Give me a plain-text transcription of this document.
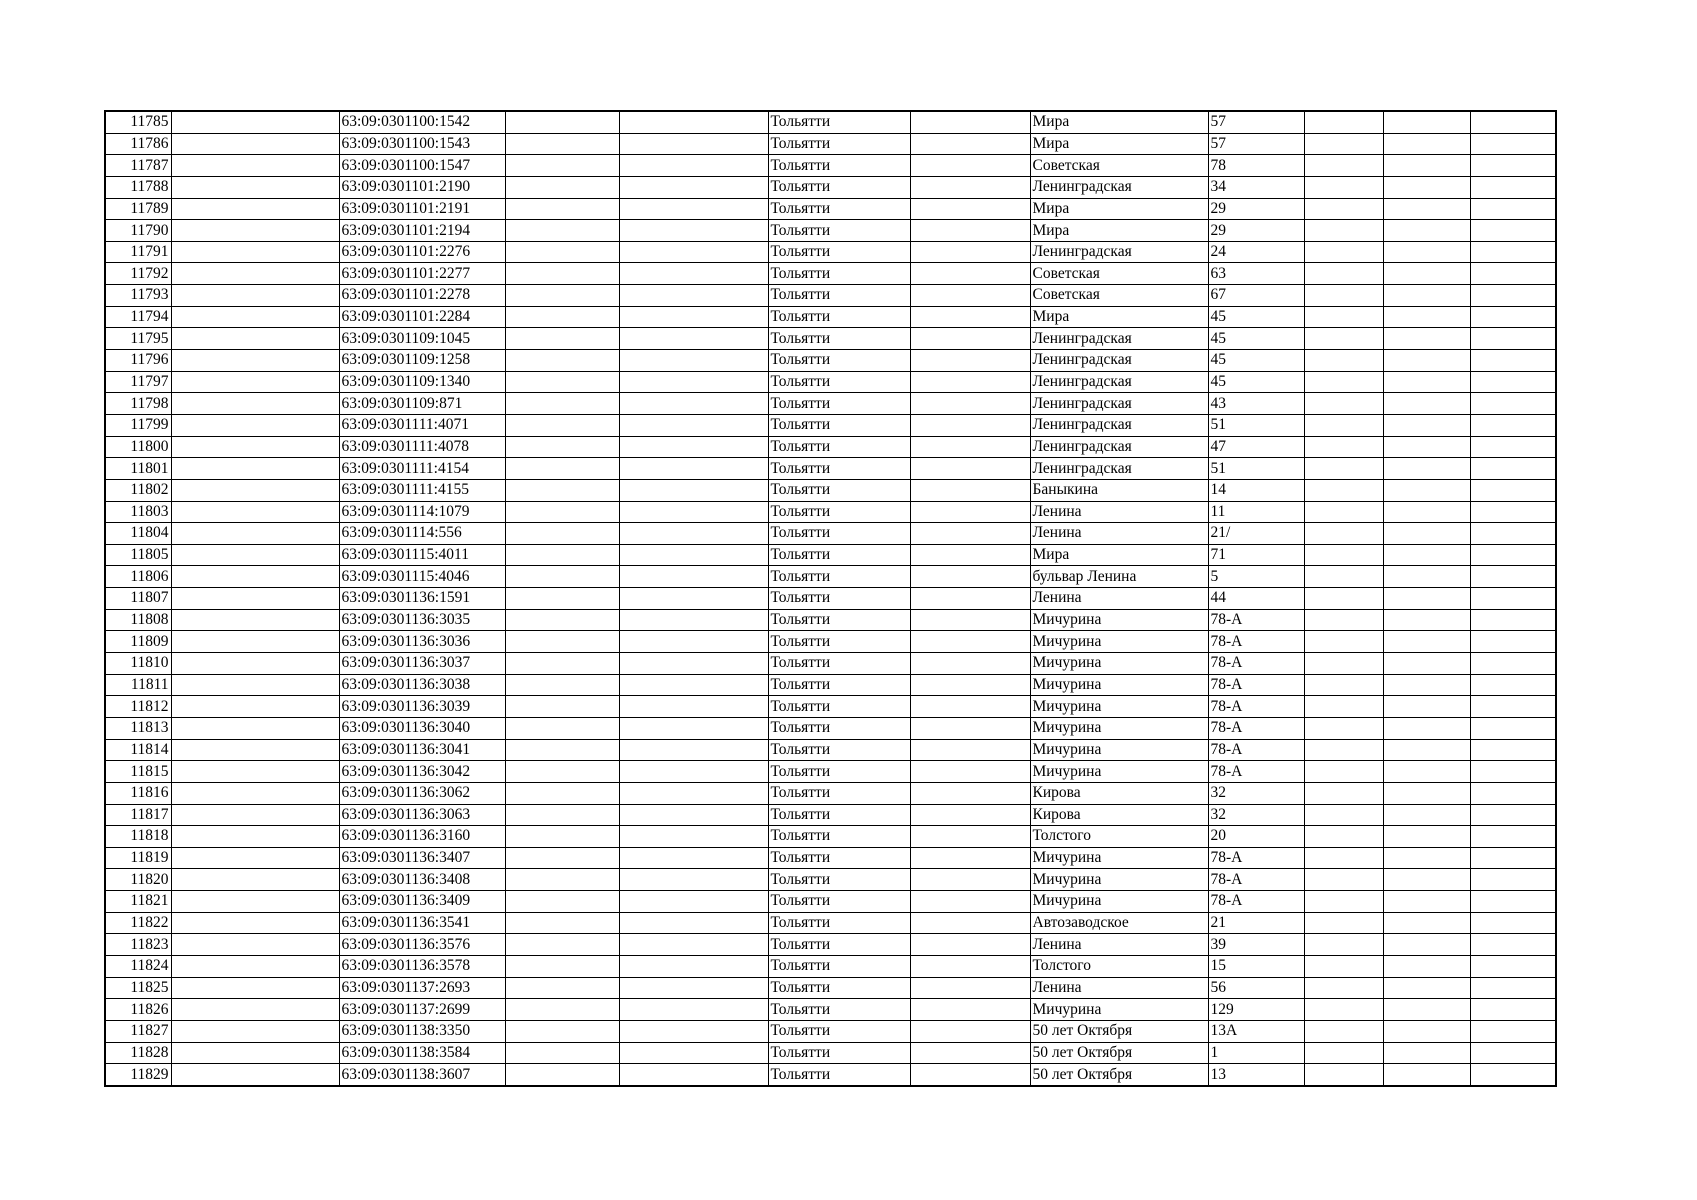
11785		63:09:0301100:1542			Тольятти		Мира	57			
11786		63:09:0301100:1543			Тольятти		Мира	57			
11787		63:09:0301100:1547			Тольятти		Советская	78			
11788		63:09:0301101:2190			Тольятти		Ленинградская	34			
11789		63:09:0301101:2191			Тольятти		Мира	29			
11790		63:09:0301101:2194			Тольятти		Мира	29			
11791		63:09:0301101:2276			Тольятти		Ленинградская	24			
11792		63:09:0301101:2277			Тольятти		Советская	63			
11793		63:09:0301101:2278			Тольятти		Советская	67			
11794		63:09:0301101:2284			Тольятти		Мира	45			
11795		63:09:0301109:1045			Тольятти		Ленинградская	45			
11796		63:09:0301109:1258			Тольятти		Ленинградская	45			
11797		63:09:0301109:1340			Тольятти		Ленинградская	45			
11798		63:09:0301109:871			Тольятти		Ленинградская	43			
11799		63:09:0301111:4071			Тольятти		Ленинградская	51			
11800		63:09:0301111:4078			Тольятти		Ленинградская	47			
11801		63:09:0301111:4154			Тольятти		Ленинградская	51			
11802		63:09:0301111:4155			Тольятти		Баныкина	14			
11803		63:09:0301114:1079			Тольятти		Ленина	11			
11804		63:09:0301114:556			Тольятти		Ленина	21/			
11805		63:09:0301115:4011			Тольятти		Мира	71			
11806		63:09:0301115:4046			Тольятти		бульвар Ленина	5			
11807		63:09:0301136:1591			Тольятти		Ленина	44			
11808		63:09:0301136:3035			Тольятти		Мичурина	78-А			
11809		63:09:0301136:3036			Тольятти		Мичурина	78-А			
11810		63:09:0301136:3037			Тольятти		Мичурина	78-А			
11811		63:09:0301136:3038			Тольятти		Мичурина	78-А			
11812		63:09:0301136:3039			Тольятти		Мичурина	78-А			
11813		63:09:0301136:3040			Тольятти		Мичурина	78-А			
11814		63:09:0301136:3041			Тольятти		Мичурина	78-А			
11815		63:09:0301136:3042			Тольятти		Мичурина	78-А			
11816		63:09:0301136:3062			Тольятти		Кирова	32			
11817		63:09:0301136:3063			Тольятти		Кирова	32			
11818		63:09:0301136:3160			Тольятти		Толстого	20			
11819		63:09:0301136:3407			Тольятти		Мичурина	78-А			
11820		63:09:0301136:3408			Тольятти		Мичурина	78-А			
11821		63:09:0301136:3409			Тольятти		Мичурина	78-А			
11822		63:09:0301136:3541			Тольятти		Автозаводское	21			
11823		63:09:0301136:3576			Тольятти		Ленина	39			
11824		63:09:0301136:3578			Тольятти		Толстого	15			
11825		63:09:0301137:2693			Тольятти		Ленина	56			
11826		63:09:0301137:2699			Тольятти		Мичурина	129			
11827		63:09:0301138:3350			Тольятти		50 лет Октября	13А			
11828		63:09:0301138:3584			Тольятти		50 лет Октября	1			
11829		63:09:0301138:3607			Тольятти		50 лет Октября	13			
